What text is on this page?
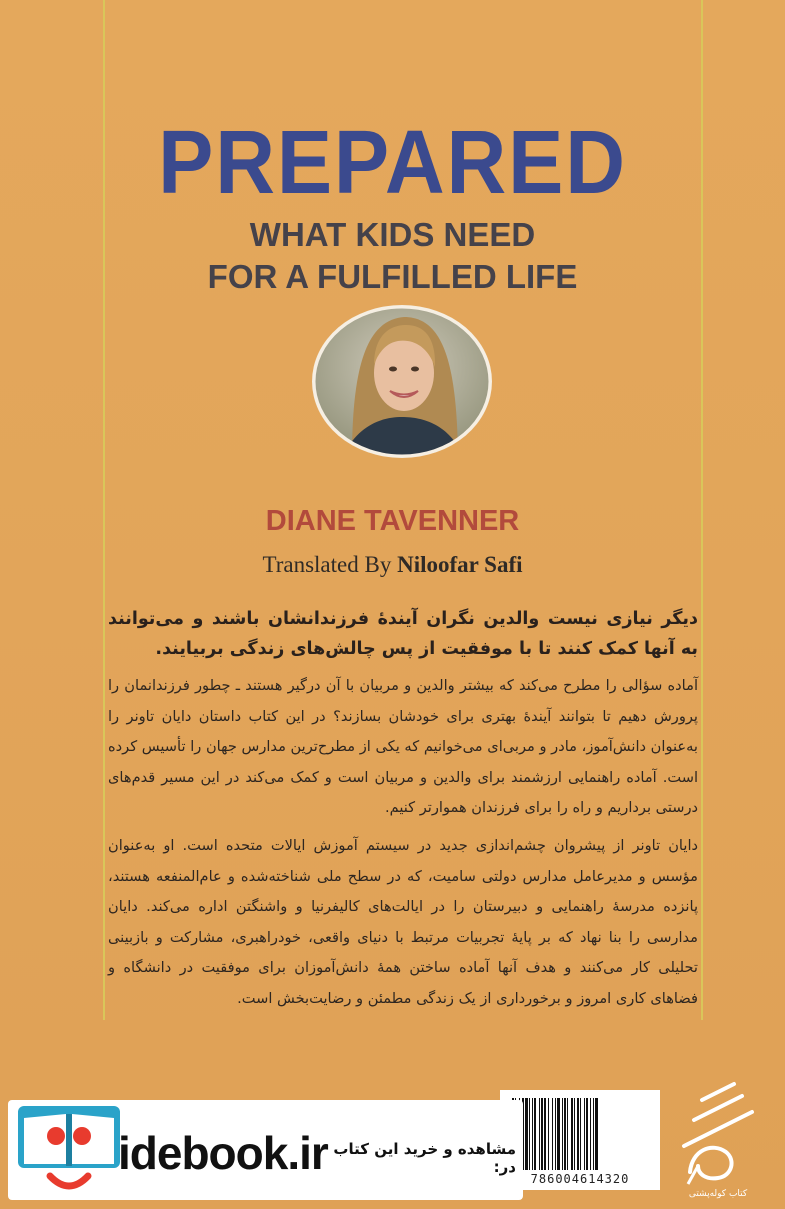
PREPARED
WHAT KIDS NEED
FOR A FULFILLED LIFE
DIANE TAVENNER
Translated By Niloofar Safi
دیگر نیازی نیست والدین نگران آیندهٔ فرزندانشان باشند و می‌توانند به آنها کمک کنند تا با موفقیت از پس چالش‌های زندگی بربیایند.
آماده سؤالی را مطرح می‌کند که بیشتر والدین و مربیان با آن درگیر هستند ـ چطور فرزندانمان را پرورش دهیم تا بتوانند آیندهٔ بهتری برای خودشان بسازند؟ در این کتاب داستان دایان تاونر را به‌عنوان دانش‌آموز، مادر و مربی‌ای می‌خوانیم که یکی از مطرح‌ترین مدارس جهان را تأسیس کرده است. آماده راهنمایی ارزشمند برای والدین و مربیان است و کمک می‌کند در این مسیر قدم‌های درستی برداریم و راه را برای فرزندان هموارتر کنیم.
دایان تاونر از پیشروان چشم‌اندازی جدید در سیستم آموزش ایالات متحده است. او به‌عنوان مؤسس و مدیرعامل مدارس دولتی سامیت، که در سطح ملی شناخته‌شده و عام‌المنفعه هستند، پانزده مدرسهٔ راهنمایی و دبیرستان را در ایالت‌های کالیفرنیا و واشنگتن اداره می‌کند. دایان مدارسی را بنا نهاد که بر پایهٔ تجربیات مرتبط با دنیای واقعی، خودراهبری، مشارکت و بازبینی تحلیلی کار می‌کنند و هدف آنها آماده ساختن همهٔ دانش‌آموزان برای موفقیت در دانشگاه و فضاهای کاری امروز و برخورداری از یک زندگی مطمئن و رضایت‌بخش است.
786004614320
کتاب کوله‌پشتی
idebook.ir مشاهده و خرید این کتاب در:
